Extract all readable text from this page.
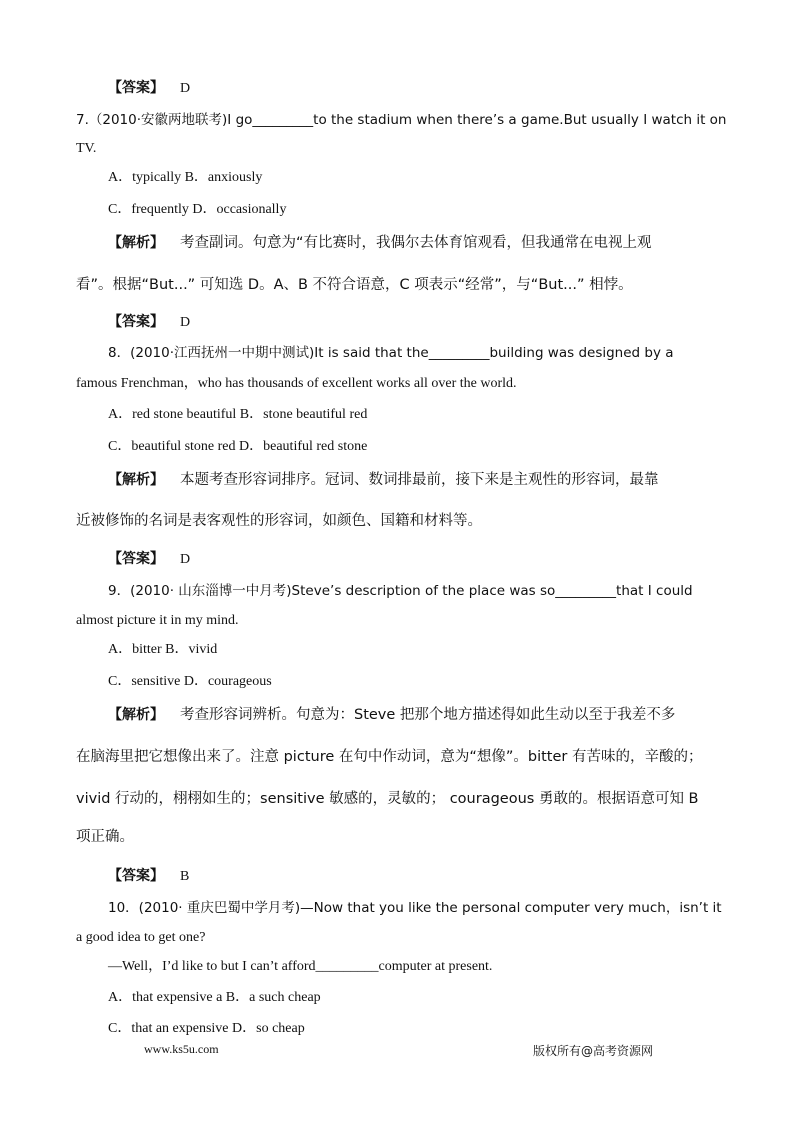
【答案】 D
7.（2010·安徽两地联考)I go_________to the stadium when there’s a game.But usually I watch it on
TV.
A．typically B．anxiously
C．frequently D．occasionally
【解析】 考查副词。句意为“有比赛时，我偶尔去体育馆观看，但我通常在电视上观
看”。根据“But...” 可知选 D。A、B 不符合语意，C 项表示“经常”，与“But...” 相悖。
【答案】 D
8．(2010·江西抚州一中期中测试)It is said that the_________building was designed by a
famous Frenchman，who has thousands of excellent works all over the world.
A．red stone beautiful B．stone beautiful red
C．beautiful stone red D．beautiful red stone
【解析】 本题考查形容词排序。冠词、数词排最前，接下来是主观性的形容词，最靠
近被修饰的名词是表客观性的形容词，如颜色、国籍和材料等。
【答案】 D
9．(2010· 山东淄博一中月考)Steve’s description of the place was so_________that I could
almost picture it in my mind.
A．bitter B．vivid
C．sensitive D．courageous
【解析】 考查形容词辨析。句意为：Steve 把那个地方描述得如此生动以至于我差不多
在脑海里把它想像出来了。注意 picture 在句中作动词，意为“想像”。bitter 有苦味的，辛酸的；
vivid 行动的，栩栩如生的；sensitive 敏感的，灵敏的； courageous 勇敢的。根据语意可知 B
项正确。
【答案】 B
10．(2010· 重庆巴蜀中学月考)—Now that you like the personal computer very much，isn’t it
a good idea to get one?
—Well，I’d like to but I can’t afford_________computer at present.
A．that expensive a B．a such cheap
C．that an expensive D．so cheap
www.ks5u.com	版权所有@高考资源网
